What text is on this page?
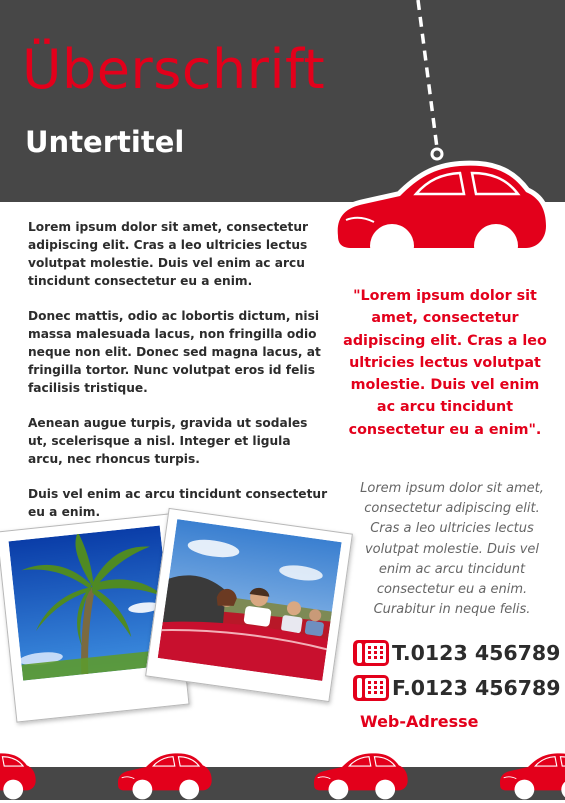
Überschrift
Untertitel

Lorem ipsum dolor sit amet, consectetur adipiscing elit. Cras a leo ultricies lectus volutpat molestie. Duis vel enim ac arcu tincidunt consectetur eu a enim.

Donec mattis, odio ac lobortis dictum, nisi massa malesuada lacus, non fringilla odio neque non elit. Donec sed magna lacus, at fringilla tortor. Nunc volutpat eros id felis facilisis tristique.

Aenean augue turpis, gravida ut sodales ut, scelerisque a nisl. Integer et ligula arcu, nec rhoncus turpis.

Duis vel enim ac arcu tincidunt consectetur eu a enim.

"Lorem ipsum dolor sit amet, consectetur adipiscing elit. Cras a leo ultricies lectus volutpat molestie. Duis vel enim ac arcu tincidunt consectetur eu a enim".
Lorem ipsum dolor sit amet, consectetur adipiscing elit. Cras a leo ultricies lectus volutpat molestie. Duis vel enim ac arcu tincidunt consectetur eu a enim. Curabitur in neque felis.
T.0123 456789
F.0123 456789
Web-Adresse
